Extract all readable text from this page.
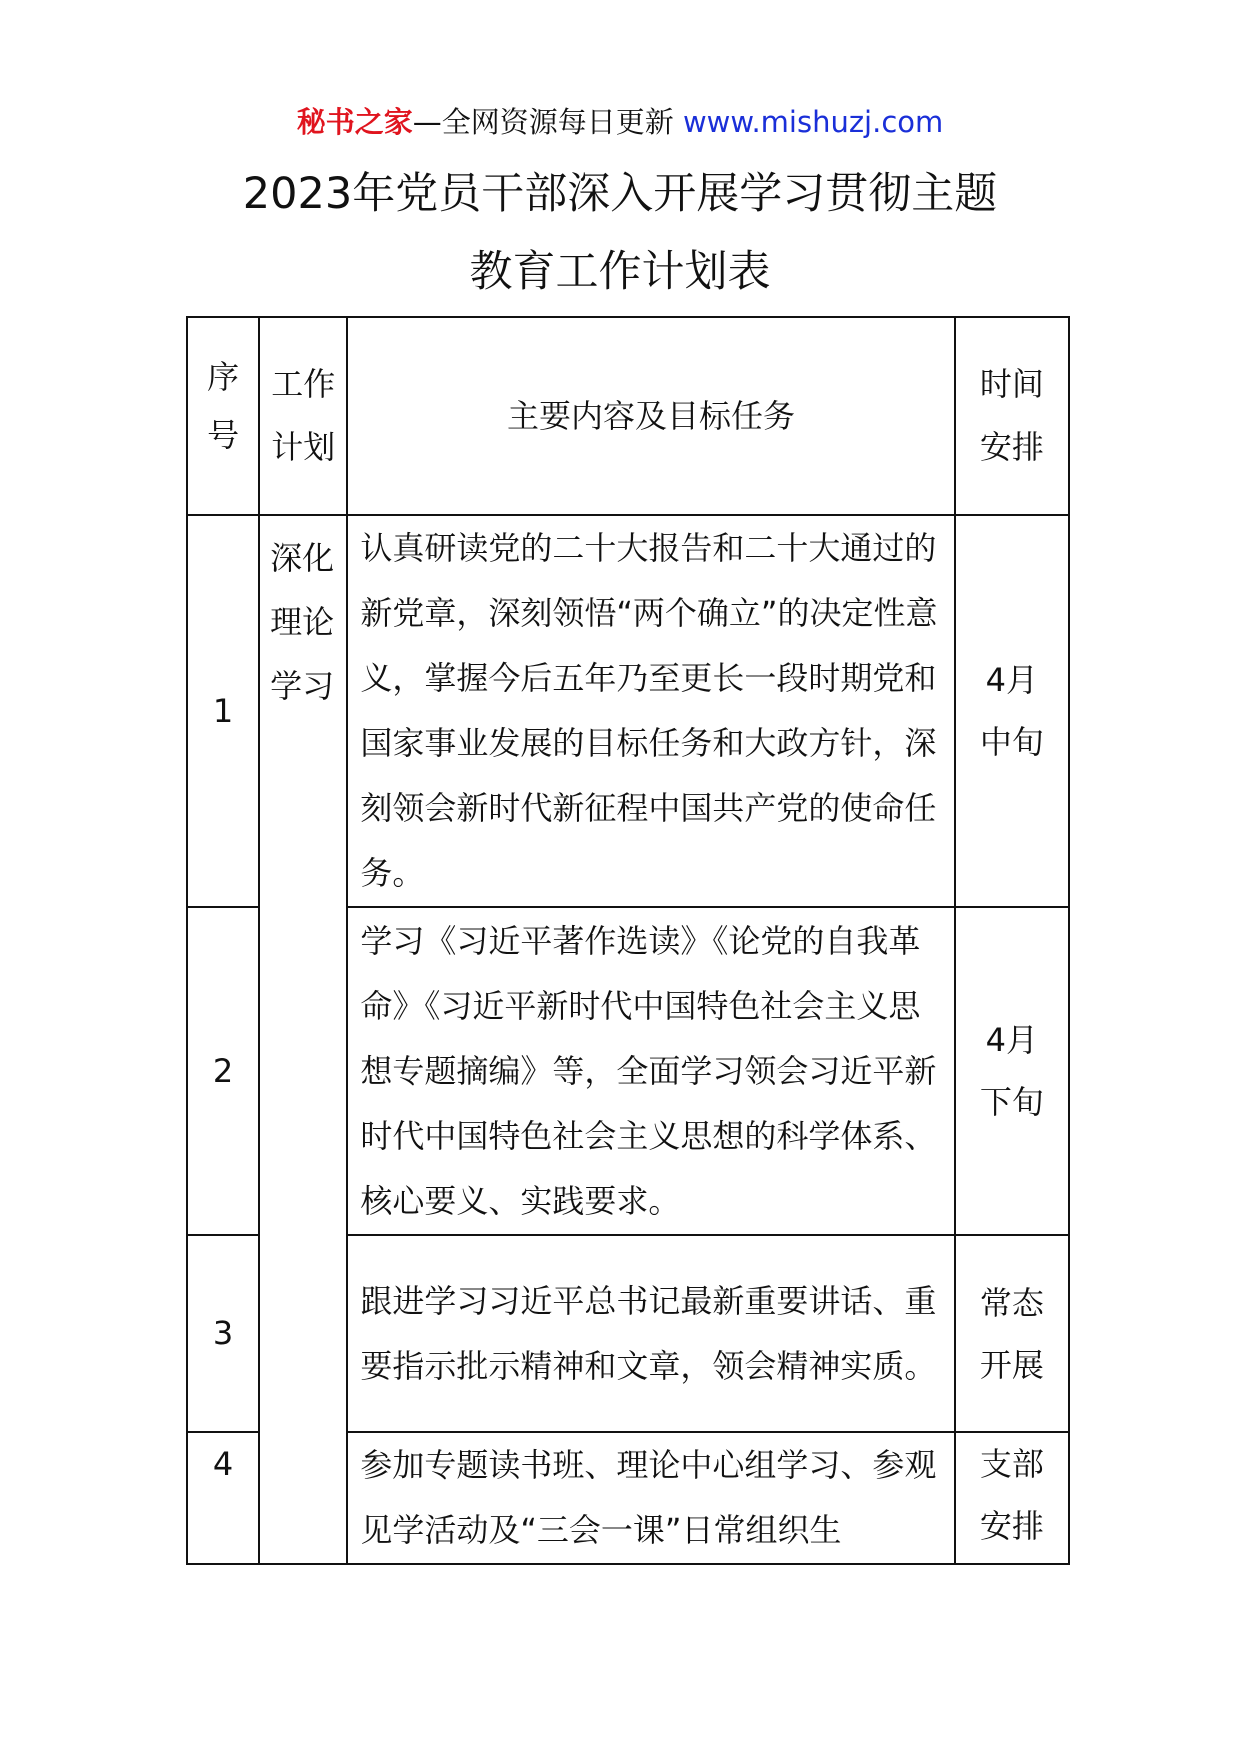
秘书之家—全网资源每日更新 www.mishuzj.com
2023年党员干部深入开展学习贯彻主题
教育工作计划表
序号	工作计划	主要内容及目标任务	时间安排

1	深化理论学习	认真研读党的二十大报告和二十大通过的新党章，深刻领悟“两个确立”的决定性意义，掌握今后五年乃至更长一段时期党和国家事业发展的目标任务和大政方针，深刻领会新时代新征程中国共产党的使命任务。	4月中旬

2		学习《习近平著作选读》《论党的自我革命》《习近平新时代中国特色社会主义思想专题摘编》等，全面学习领会习近平新时代中国特色社会主义思想的科学体系、核心要义、实践要求。	4月下旬

3		跟进学习习近平总书记最新重要讲话、重要指示批示精神和文章，领会精神实质。	常态开展

4		参加专题读书班、理论中心组学习、参观见学活动及“三会一课”日常组织生	支部安排
